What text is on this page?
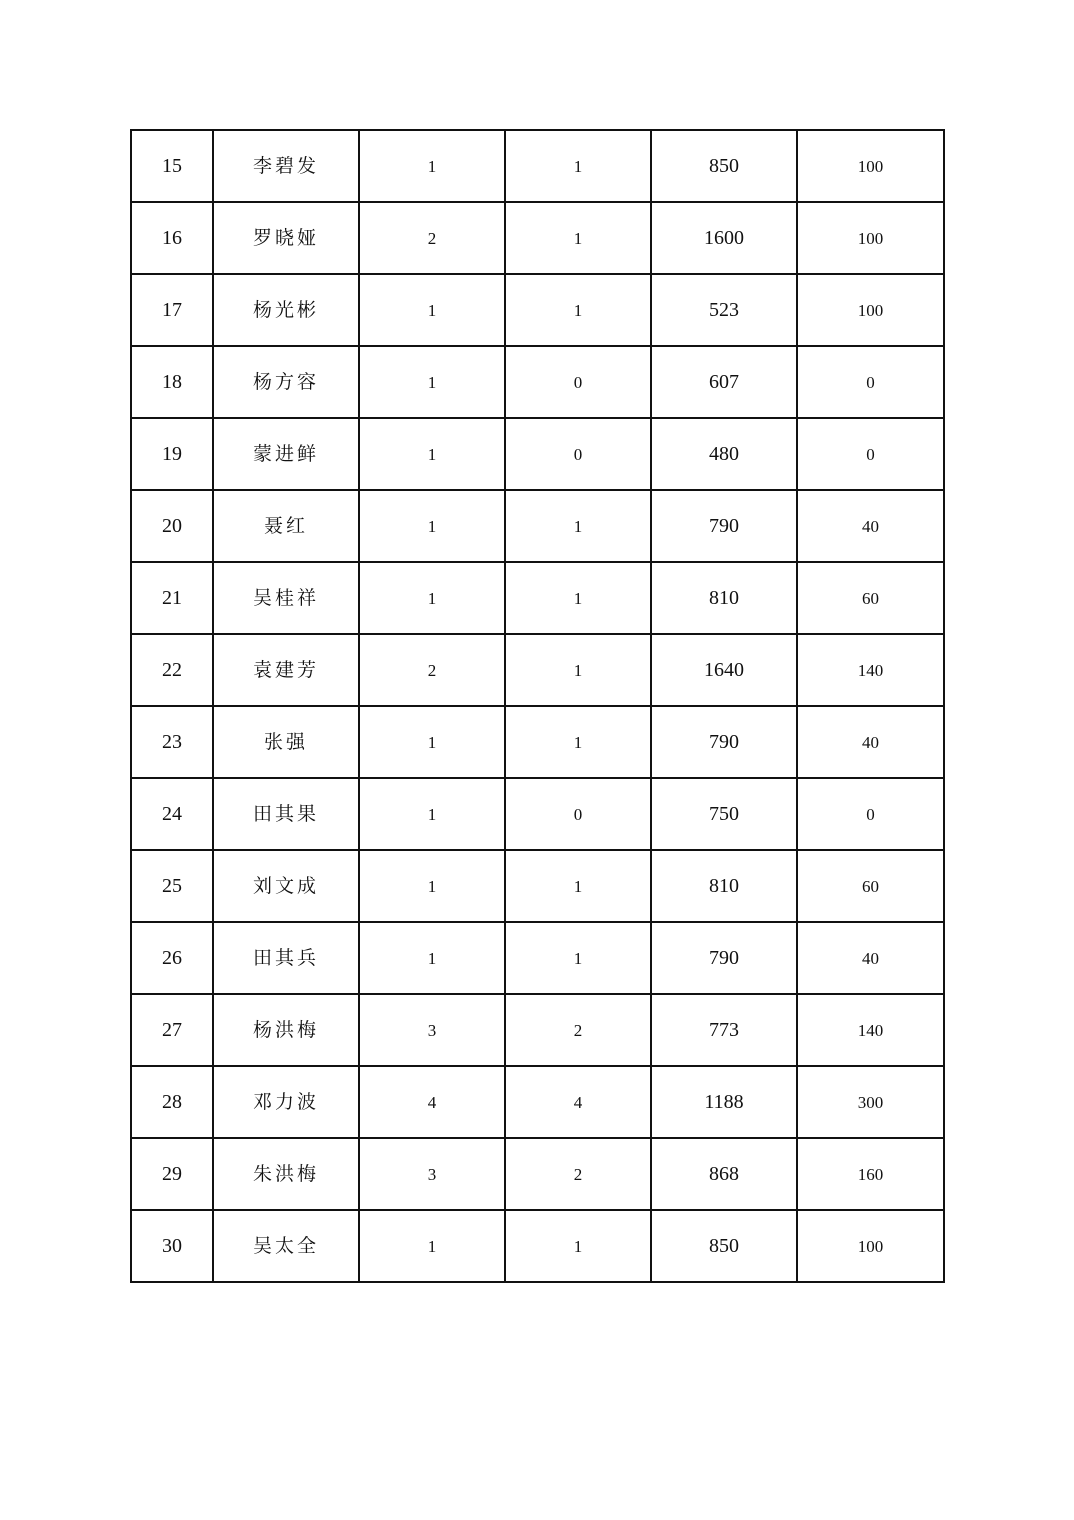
15	李碧发	1	1	850	100
16	罗晓娅	2	1	1600	100
17	杨光彬	1	1	523	100
18	杨方容	1	0	607	0
19	蒙进鲜	1	0	480	0
20	聂红	1	1	790	40
21	吴桂祥	1	1	810	60
22	袁建芳	2	1	1640	140
23	张强	1	1	790	40
24	田其果	1	0	750	0
25	刘文成	1	1	810	60
26	田其兵	1	1	790	40
27	杨洪梅	3	2	773	140
28	邓力波	4	4	1188	300
29	朱洪梅	3	2	868	160
30	吴太全	1	1	850	100
